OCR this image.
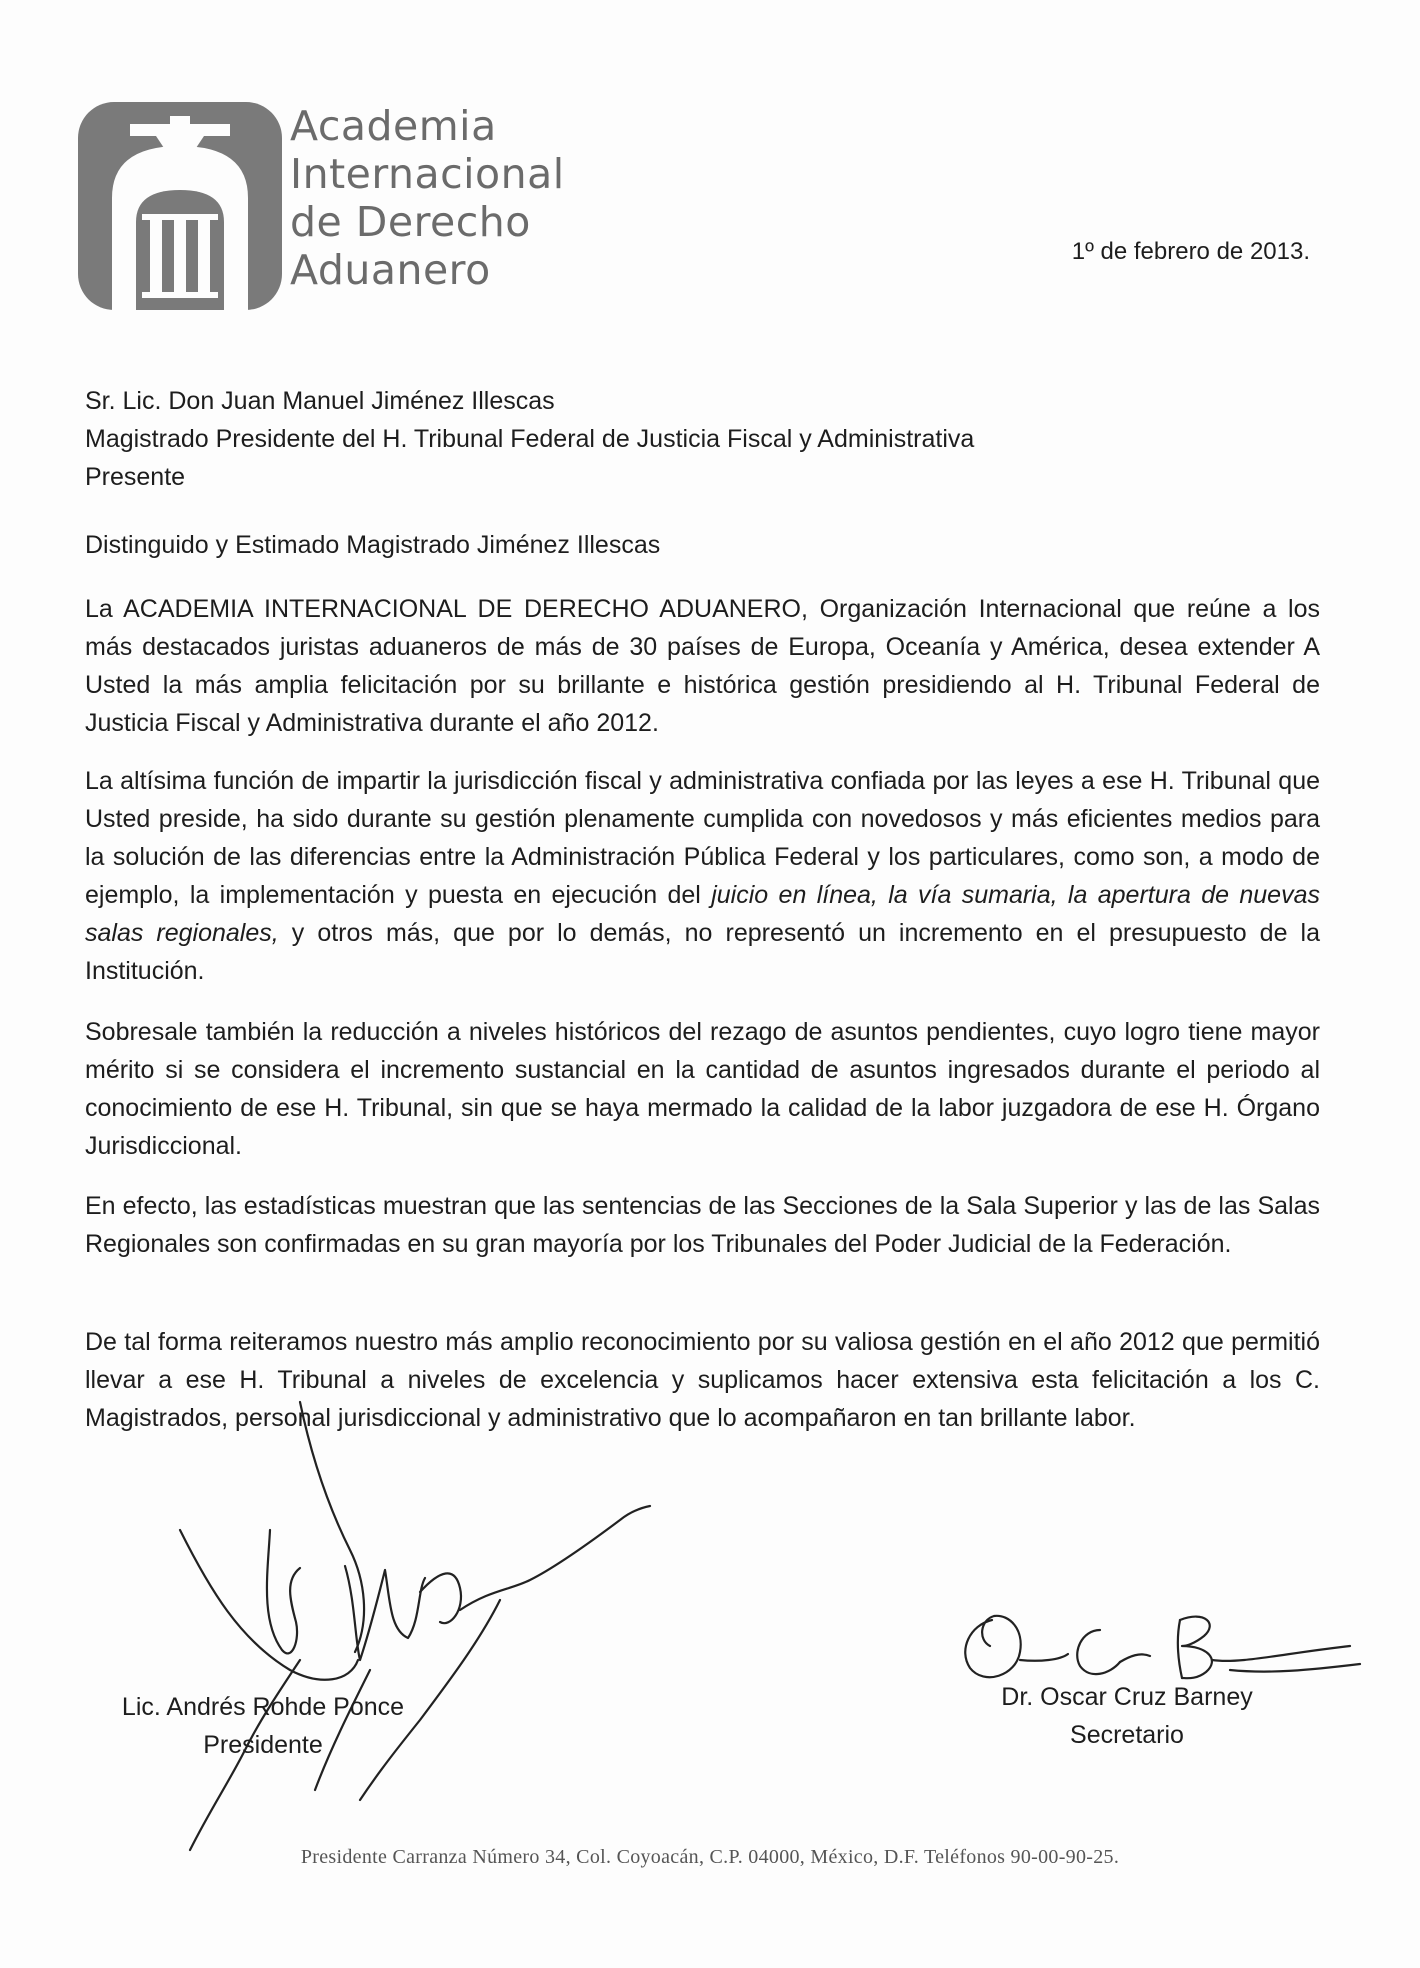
Academia
Internacional
de Derecho
Aduanero	1º de febrero de 2013.
Sr. Lic. Don Juan Manuel Jiménez Illescas
Magistrado Presidente del H. Tribunal Federal de Justicia Fiscal y Administrativa
Presente
Distinguido y Estimado Magistrado Jiménez Illescas
La ACADEMIA INTERNACIONAL DE DERECHO ADUANERO, Organización Internacional que reúne a los más destacados juristas aduaneros de más de 30 países de Europa, Oceanía y América, desea extender A Usted la más amplia felicitación por su brillante e histórica gestión presidiendo al H. Tribunal Federal de Justicia Fiscal y Administrativa durante el año 2012.
La altísima función de impartir la jurisdicción fiscal y administrativa confiada por las leyes a ese H. Tribunal que Usted preside, ha sido durante su gestión plenamente cumplida con novedosos y más eficientes medios para la solución de las diferencias entre la Administración Pública Federal y los particulares, como son, a modo de ejemplo, la implementación y puesta en ejecución del juicio en línea, la vía sumaria, la apertura de nuevas salas regionales, y otros más, que por lo demás, no representó un incremento en el presupuesto de la Institución.
Sobresale también la reducción a niveles históricos del rezago de asuntos pendientes, cuyo logro tiene mayor mérito si se considera el incremento sustancial en la cantidad de asuntos ingresados durante el periodo al conocimiento de ese H. Tribunal, sin que se haya mermado la calidad de la labor juzgadora de ese H. Órgano Jurisdiccional.
En efecto, las estadísticas muestran que las sentencias de las Secciones de la Sala Superior y las de las Salas Regionales son confirmadas en su gran mayoría por los Tribunales del Poder Judicial de la Federación.
De tal forma reiteramos nuestro más amplio reconocimiento por su valiosa gestión en el año 2012 que permitió llevar a ese H. Tribunal a niveles de excelencia y suplicamos hacer extensiva esta felicitación a los C. Magistrados, personal jurisdiccional y administrativo que lo acompañaron en tan brillante labor.
Lic. Andrés Rohde Ponce
Presidente
Dr. Oscar Cruz Barney
Secretario
Presidente Carranza Número 34, Col. Coyoacán, C.P. 04000, México, D.F. Teléfonos 90-00-90-25.
